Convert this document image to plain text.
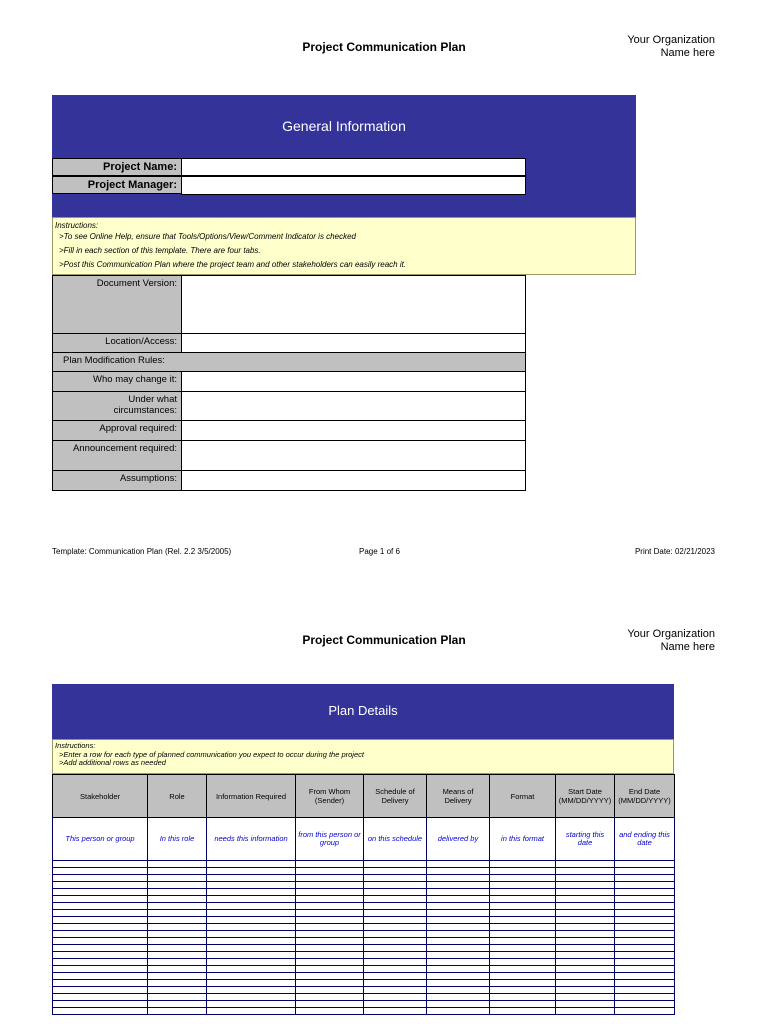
Project Communication Plan	Your Organization
Name here
General Information
Project Name:
Project Manager:
Instructions:
>To see Online Help, ensure that Tools/Options/View/Comment Indicator is checked
>Fill in each section of this template. There are four tabs.
>Post this Communication Plan where the project team and other stakeholders can easily reach it.
Document Version:
Location/Access:
Plan Modification Rules:
Who may change it:
Under what
circumstances:
Approval required:
Announcement required:
Assumptions:
Template: Communication Plan (Rel. 2.2 3/5/2005)	Page 1 of 6	Print Date: 02/21/2023
Project Communication Plan	Your Organization
Name here
Plan Details
Instructions:
>Enter a row for each type of planned communication you expect to occur during the project
>Add additional rows as needed
Stakeholder	Role	Information Required	From Whom (Sender)	Schedule of Delivery	Means of Delivery	Format	Start Date (MM/DD/YYYY)	End Date (MM/DD/YYYY)
This person or group	In this role	needs this information	from this person or group	on this schedule	delivered by	in this format	starting this date	and ending this date
